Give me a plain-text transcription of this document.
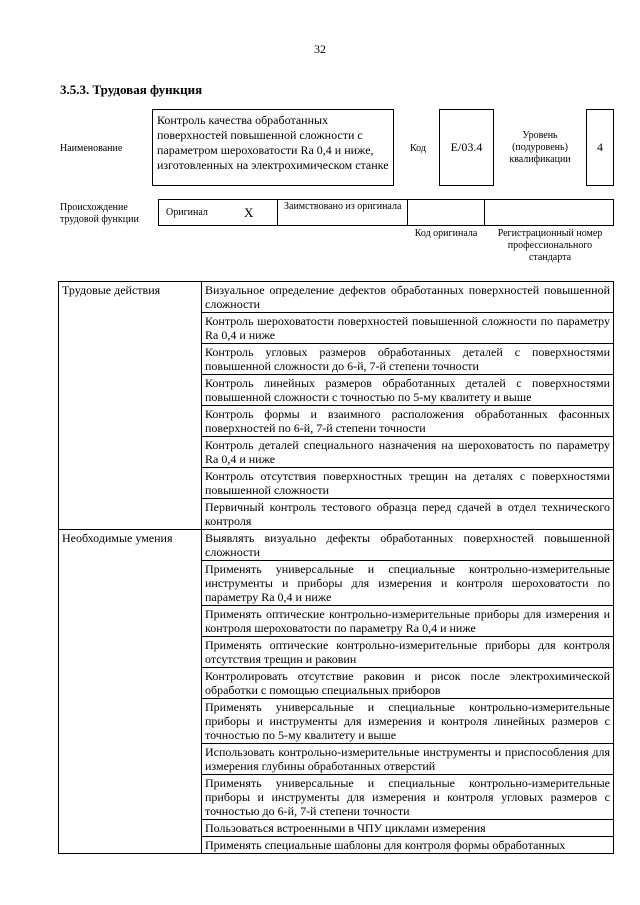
32
3.5.3. Трудовая функция
Наименование
Контроль качества обработанных поверхностей повышенной сложности с параметром шероховатости Ra 0,4 и ниже, изготовленных на электрохимическом станке
Код E/03.4
Уровень (подуровень) квалификации
4
Происхождение трудовой функции
Оригинал	X	Заимствовано из оригинала
Код оригинала	Регистрационный номер профессионального стандарта
Трудовые действия	Визуальное определение дефектов обработанных поверхностей повышенной сложности
	Контроль шероховатости поверхностей повышенной сложности по параметру Ra 0,4 и ниже
	Контроль угловых размеров обработанных деталей с поверхностями повышенной сложности до 6-й, 7-й степени точности
	Контроль линейных размеров обработанных деталей с поверхностями повышенной сложности с точностью по 5-му квалитету и выше
	Контроль формы и взаимного расположения обработанных фасонных поверхностей по 6-й, 7-й степени точности
	Контроль деталей специального назначения на шероховатость по параметру Ra 0,4 и ниже
	Контроль отсутствия поверхностных трещин на деталях с поверхностями повышенной сложности
	Первичный контроль тестового образца перед сдачей в отдел технического контроля
Необходимые умения	Выявлять визуально дефекты обработанных поверхностей повышенной сложности
	Применять универсальные и специальные контрольно-измерительные инструменты и приборы для измерения и контроля шероховатости по параметру Ra 0,4 и ниже
	Применять оптические контрольно-измерительные приборы для измерения и контроля шероховатости по параметру Ra 0,4 и ниже
	Применять оптические контрольно-измерительные приборы для контроля отсутствия трещин и раковин
	Контролировать отсутствие раковин и рисок после электрохимической обработки с помощью специальных приборов
	Применять универсальные и специальные контрольно-измерительные приборы и инструменты для измерения и контроля линейных размеров с точностью по 5-му квалитету и выше
	Использовать контрольно-измерительные инструменты и приспособления для измерения глубины обработанных отверстий
	Применять универсальные и специальные контрольно-измерительные приборы и инструменты для измерения и контроля угловых размеров с точностью до 6-й, 7-й степени точности
	Пользоваться встроенными в ЧПУ циклами измерения
	Применять специальные шаблоны для контроля формы обработанных
